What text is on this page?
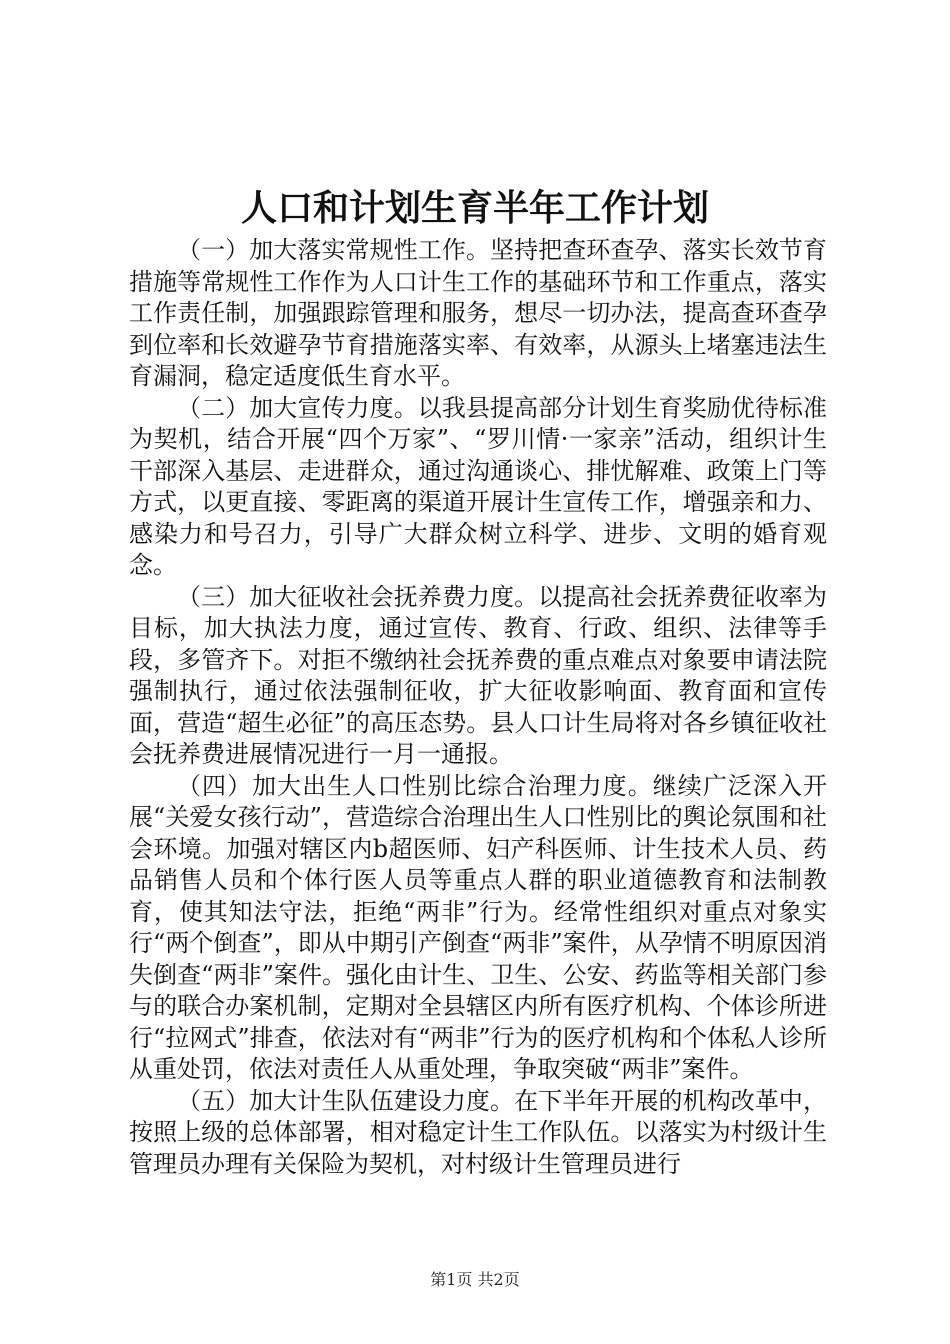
人口和计划生育半年工作计划

（一）加大落实常规性工作。坚持把查环查孕、落实长效节育措施等常规性工作作为人口计生工作的基础环节和工作重点，落实工作责任制，加强跟踪管理和服务，想尽一切办法，提高查环查孕到位率和长效避孕节育措施落实率、有效率，从源头上堵塞违法生育漏洞，稳定适度低生育水平。

（二）加大宣传力度。以我县提高部分计划生育奖励优待标准为契机，结合开展“四个万家”、“罗川情·一家亲”活动，组织计生干部深入基层、走进群众，通过沟通谈心、排忧解难、政策上门等方式，以更直接、零距离的渠道开展计生宣传工作，增强亲和力、感染力和号召力，引导广大群众树立科学、进步、文明的婚育观念。

（三）加大征收社会抚养费力度。以提高社会抚养费征收率为目标，加大执法力度，通过宣传、教育、行政、组织、法律等手段，多管齐下。对拒不缴纳社会抚养费的重点难点对象要申请法院强制执行，通过依法强制征收，扩大征收影响面、教育面和宣传面，营造“超生必征”的高压态势。县人口计生局将对各乡镇征收社会抚养费进展情况进行一月一通报。

（四）加大出生人口性别比综合治理力度。继续广泛深入开展“关爱女孩行动”，营造综合治理出生人口性别比的舆论氛围和社会环境。加强对辖区内b超医师、妇产科医师、计生技术人员、药品销售人员和个体行医人员等重点人群的职业道德教育和法制教育，使其知法守法，拒绝“两非”行为。经常性组织对重点对象实行“两个倒查”，即从中期引产倒查“两非”案件，从孕情不明原因消失倒查“两非”案件。强化由计生、卫生、公安、药监等相关部门参与的联合办案机制，定期对全县辖区内所有医疗机构、个体诊所进行“拉网式”排查，依法对有“两非”行为的医疗机构和个体私人诊所从重处罚，依法对责任人从重处理，争取突破“两非”案件。

（五）加大计生队伍建设力度。在下半年开展的机构改革中，按照上级的总体部署，相对稳定计生工作队伍。以落实为村级计生管理员办理有关保险为契机，对村级计生管理员进行

第1页 共2页
